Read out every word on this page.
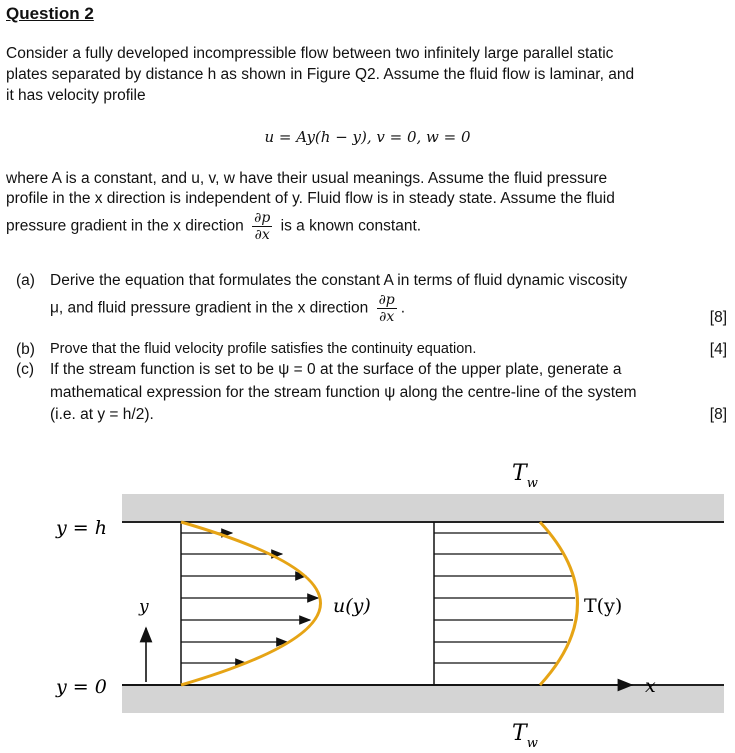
Question 2
Consider a fully developed incompressible flow between two infinitely large parallel static
plates separated by distance h as shown in Figure Q2. Assume the fluid flow is laminar, and
it has velocity profile
u = Ay(h − y), v = 0, w = 0
where A is a constant, and u, v, w have their usual meanings. Assume the fluid pressure
profile in the x direction is independent of y. Fluid flow is in steady state. Assume the fluid
pressure gradient in the x direction $\frac{\partial p}{\partial x}$ is a known constant.
(a) Derive the equation that formulates the constant A in terms of fluid dynamic viscosity
μ, and fluid pressure gradient in the x direction $\frac{\partial p}{\partial x}$ .
[8]
(b)	Prove that the fluid velocity profile satisfies the continuity equation.	[4]
(c)	If the stream function is set to be ψ = 0 at the surface of the upper plate, generate a
mathematical expression for the stream function ψ along the centre-line of the system
(i.e. at y = h/2).	[8]
x
y
y = h
y = 0
$T_w$
$T_w$
u(y)	T(y)
